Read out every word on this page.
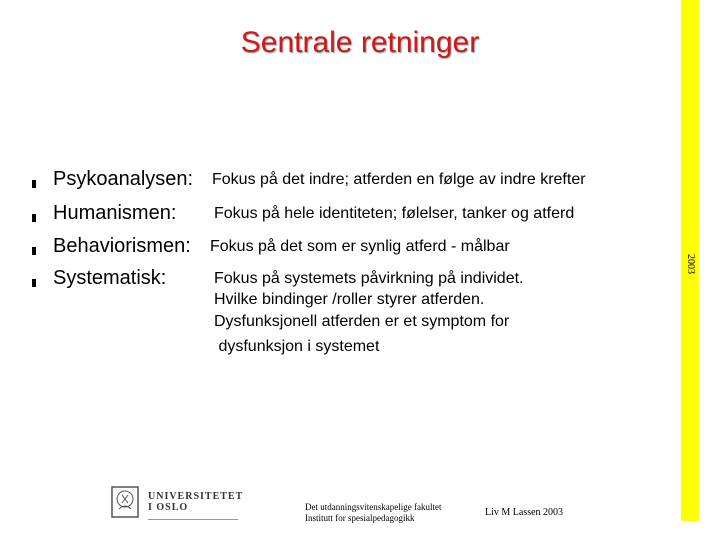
Sentrale retninger
Psykoanalysen: Fokus på det indre; atferden en følge av indre krefter
Humanismen: Fokus på hele identiteten; følelser, tanker og atferd
Behaviorismen: Fokus på det som er synlig atferd - målbar
Systematisk:	Fokus på systemets påvirkning på individet.
Hvilke bindinger /roller styrer atferden.
Dysfunksjonell atferden er et symptom for
dysfunksjon i systemet
2003
UNIVERSITETET
I OSLO	Det utdanningsvitenskapelige fakultet
Institutt for spesialpedagogikk	Liv M Lassen 2003
